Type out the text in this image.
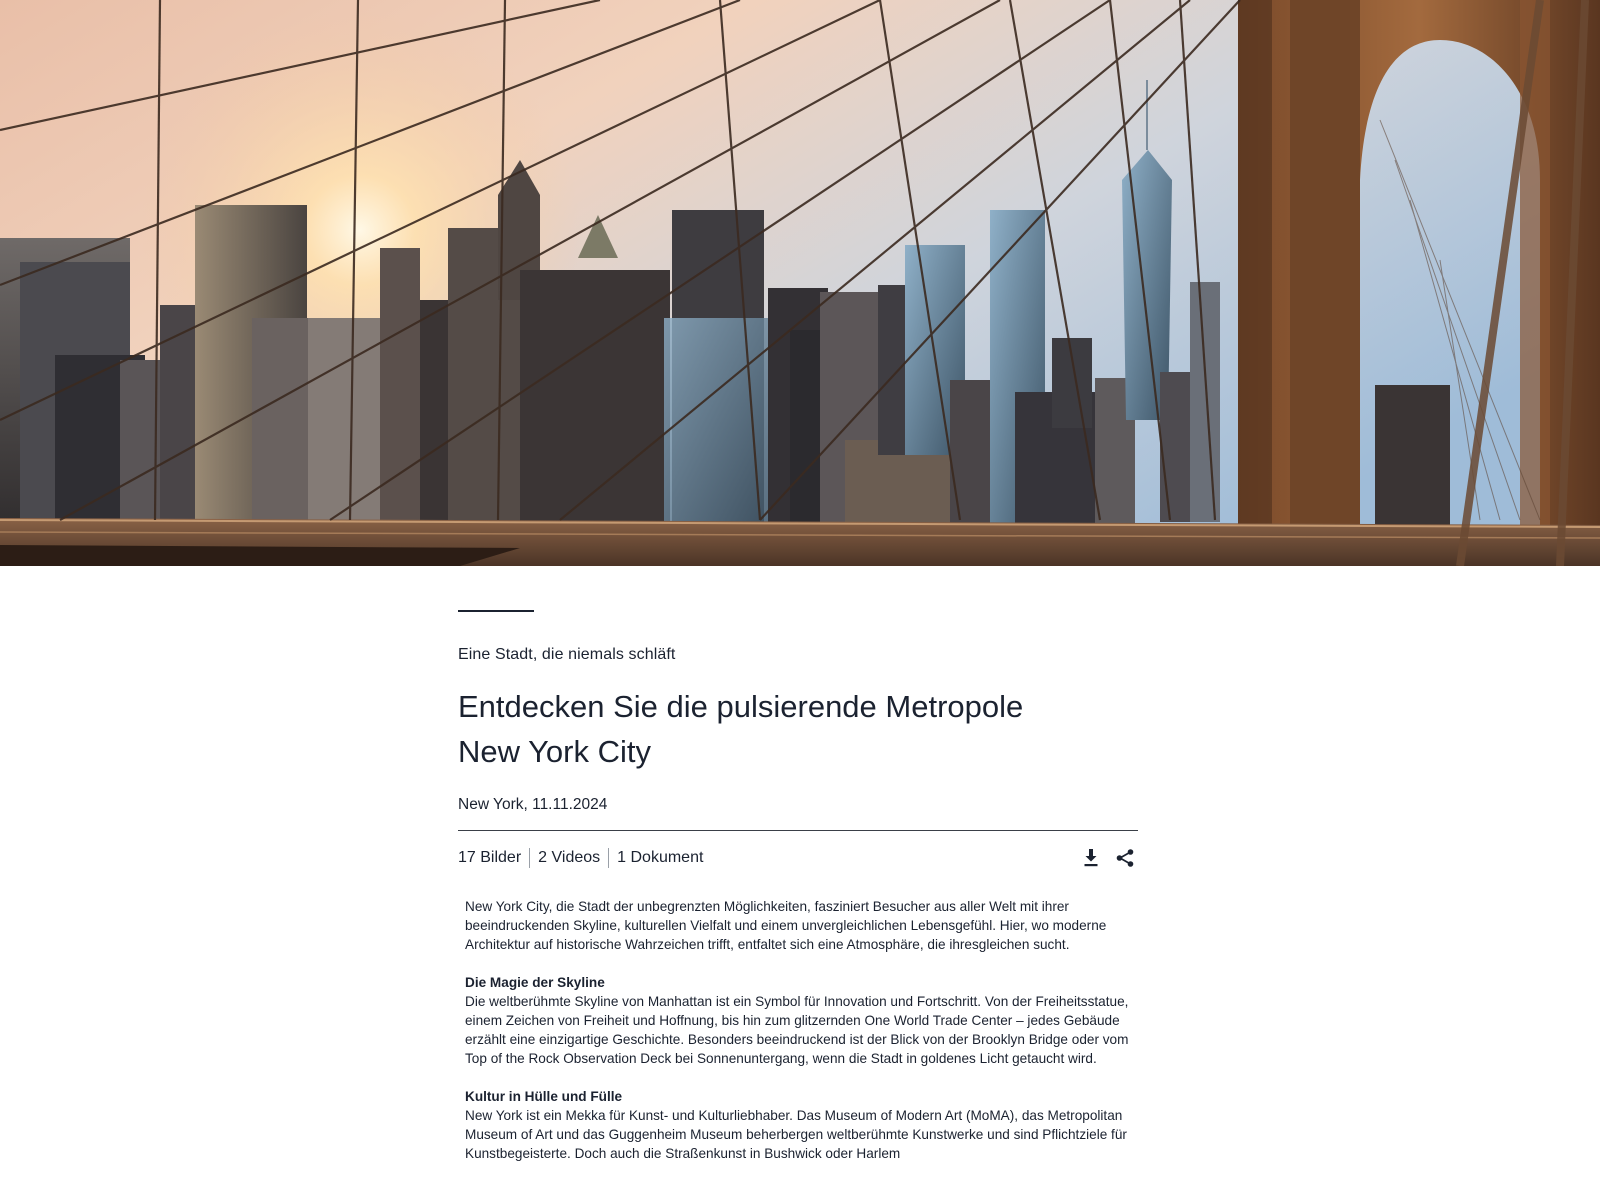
Eine Stadt, die niemals schläft
Entdecken Sie die pulsierende Metropole
New York City
New York, 11.11.2024
17 Bilder	2 Videos	1 Dokument

New York City, die Stadt der unbegrenzten Möglichkeiten, fasziniert Besucher aus aller Welt mit ihrer beeindruckenden Skyline, kulturellen Vielfalt und einem unvergleichlichen Lebensgefühl. Hier, wo moderne Architektur auf historische Wahrzeichen trifft, entfaltet sich eine Atmosphäre, die ihresgleichen sucht.

Die Magie der Skyline
Die weltberühmte Skyline von Manhattan ist ein Symbol für Innovation und Fortschritt. Von der Freiheitsstatue, einem Zeichen von Freiheit und Hoffnung, bis hin zum glitzernden One World Trade Center – jedes Gebäude erzählt eine einzigartige Geschichte. Besonders beeindruckend ist der Blick von der Brooklyn Bridge oder vom Top of the Rock Observation Deck bei Sonnenuntergang, wenn die Stadt in goldenes Licht getaucht wird.

Kultur in Hülle und Fülle
New York ist ein Mekka für Kunst- und Kulturliebhaber. Das Museum of Modern Art (MoMA), das Metropolitan Museum of Art und das Guggenheim Museum beherbergen weltberühmte Kunstwerke und sind Pflichtziele für Kunstbegeisterte. Doch auch die Straßenkunst in Bushwick oder Harlem
